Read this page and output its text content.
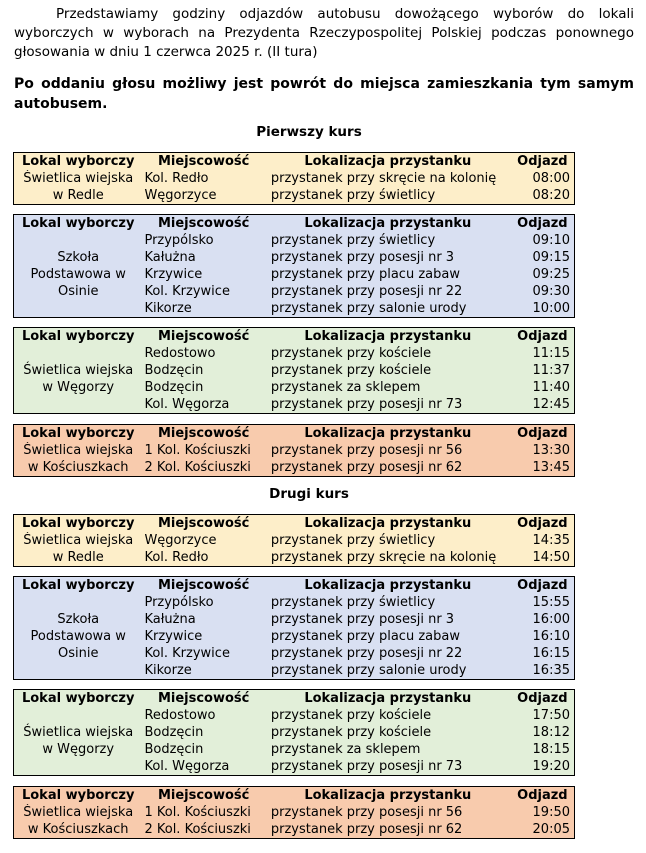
Przedstawiamy godziny odjazdów autobusu dowożącego wyborów do lokali wyborczych w wyborach na Prezydenta Rzeczypospolitej Polskiej podczas ponownego głosowania w dniu 1 czerwca 2025 r. (II tura)

Po oddaniu głosu możliwy jest powrót do miejsca zamieszkania tym samym autobusem.

Pierwszy kurs
Lokal wyborczy	Miejscowość	Lokalizacja przystanku	Odjazd
Świetlica wiejska
w Redle	Kol. Redło	przystanek przy skręcie na kolonię	08:00
	Węgorzyce	przystanek przy świetlicy	08:20
Lokal wyborczy	Miejscowość	Lokalizacja przystanku	Odjazd
Szkoła
Podstawowa w
Osinie	Przypólsko	przystanek przy świetlicy	09:10
	Kałużna	przystanek przy posesji nr 3	09:15
	Krzywice	przystanek przy placu zabaw	09:25
	Kol. Krzywice	przystanek przy posesji nr 22	09:30
	Kikorze	przystanek przy salonie urody	10:00
Lokal wyborczy	Miejscowość	Lokalizacja przystanku	Odjazd
Świetlica wiejska
w Węgorzy	Redostowo	przystanek przy kościele	11:15
	Bodzęcin	przystanek przy kościele	11:37
	Bodzęcin	przystanek za sklepem	11:40
	Kol. Węgorza	przystanek przy posesji nr 73	12:45
Lokal wyborczy	Miejscowość	Lokalizacja przystanku	Odjazd
Świetlica wiejska
w Kościuszkach	1 Kol. Kościuszki	przystanek przy posesji nr 56	13:30
	2 Kol. Kościuszki	przystanek przy posesji nr 62	13:45
Drugi kurs
Lokal wyborczy	Miejscowość	Lokalizacja przystanku	Odjazd
Świetlica wiejska
w Redle	Węgorzyce	przystanek przy świetlicy	14:35
	Kol. Redło	przystanek przy skręcie na kolonię	14:50
Lokal wyborczy	Miejscowość	Lokalizacja przystanku	Odjazd
Szkoła
Podstawowa w
Osinie	Przypólsko	przystanek przy świetlicy	15:55
	Kałużna	przystanek przy posesji nr 3	16:00
	Krzywice	przystanek przy placu zabaw	16:10
	Kol. Krzywice	przystanek przy posesji nr 22	16:15
	Kikorze	przystanek przy salonie urody	16:35
Lokal wyborczy	Miejscowość	Lokalizacja przystanku	Odjazd
Świetlica wiejska
w Węgorzy	Redostowo	przystanek przy kościele	17:50
	Bodzęcin	przystanek przy kościele	18:12
	Bodzęcin	przystanek za sklepem	18:15
	Kol. Węgorza	przystanek przy posesji nr 73	19:20
Lokal wyborczy	Miejscowość	Lokalizacja przystanku	Odjazd
Świetlica wiejska
w Kościuszkach	1 Kol. Kościuszki	przystanek przy posesji nr 56	19:50
	2 Kol. Kościuszki	przystanek przy posesji nr 62	20:05
